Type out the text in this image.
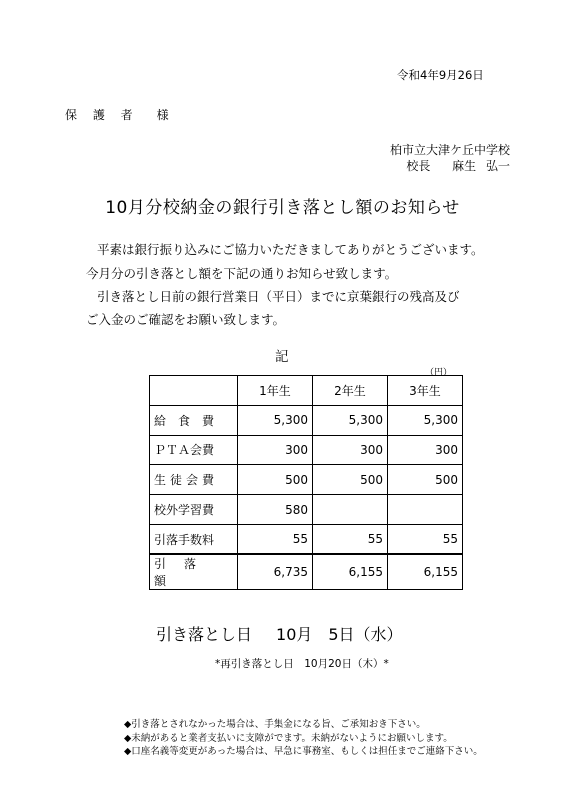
令和4年9月26日
保 護 者　様
柏市立大津ケ丘中学校
校長　 麻生 弘一
10月分校納金の銀行引き落とし額のお知らせ
平素は銀行振り込みにご協力いただきましてありがとうございます。
今月分の引き落とし額を下記の通りお知らせ致します。
引き落とし日前の銀行営業日（平日）までに京葉銀行の残高及び
ご入金のご確認をお願い致します。
記
（円）
	1年生	2年生	3年生
給　食　費	5,300	5,300	5,300
ＰＴＡ会費	300	300	300
生徒会費	500	500	500
校外学習費	580		
引落手数料	55	55	55
引落額	6,735	6,155	6,155
引き落とし日 10月　5日（水）
*再引き落とし日　10月20日（木）*
◆引き落とされなかった場合は、手集金になる旨、ご承知おき下さい。
◆未納があると業者支払いに支障がでます。未納がないようにお願いします。
◆口座名義等変更があった場合は、早急に事務室、もしくは担任までご連絡下さい。
